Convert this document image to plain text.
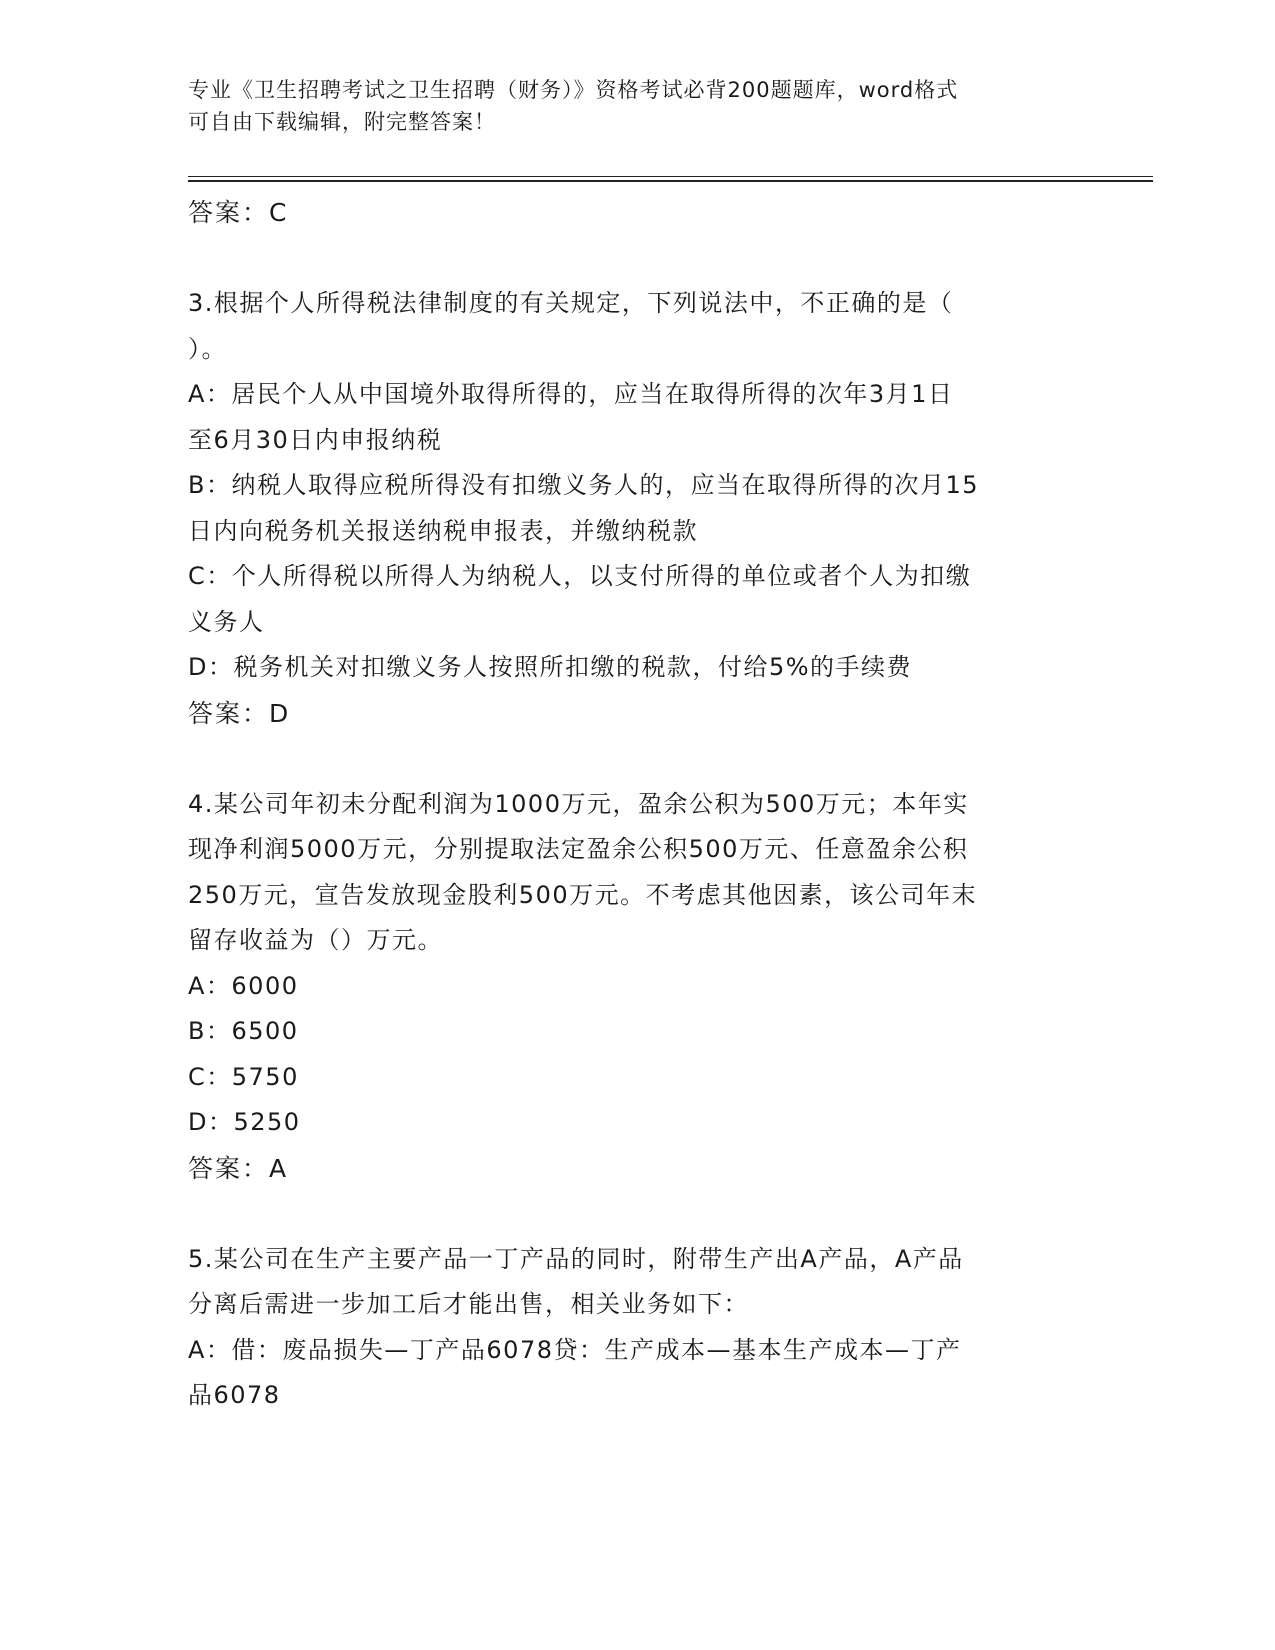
专业《卫生招聘考试之卫生招聘（财务）》资格考试必背200题题库，word格式
可自由下载编辑，附完整答案！
答案：C
3.根据个人所得税法律制度的有关规定，下列说法中，不正确的是（
）。
A：居民个人从中国境外取得所得的，应当在取得所得的次年3月1日
至6月30日内申报纳税
B：纳税人取得应税所得没有扣缴义务人的，应当在取得所得的次月15
日内向税务机关报送纳税申报表，并缴纳税款
C：个人所得税以所得人为纳税人，以支付所得的单位或者个人为扣缴
义务人
D：税务机关对扣缴义务人按照所扣缴的税款，付给5%的手续费
答案：D
4.某公司年初未分配利润为1000万元，盈余公积为500万元；本年实
现净利润5000万元，分别提取法定盈余公积500万元、任意盈余公积
250万元，宣告发放现金股利500万元。不考虑其他因素，该公司年末
留存收益为（）万元。
A：6000
B：6500
C：5750
D：5250
答案：A
5.某公司在生产主要产品一丁产品的同时，附带生产出A产品，A产品
分离后需进一步加工后才能出售，相关业务如下：
A：借：废品损失—丁产品6078贷：生产成本—基本生产成本—丁产
品6078
